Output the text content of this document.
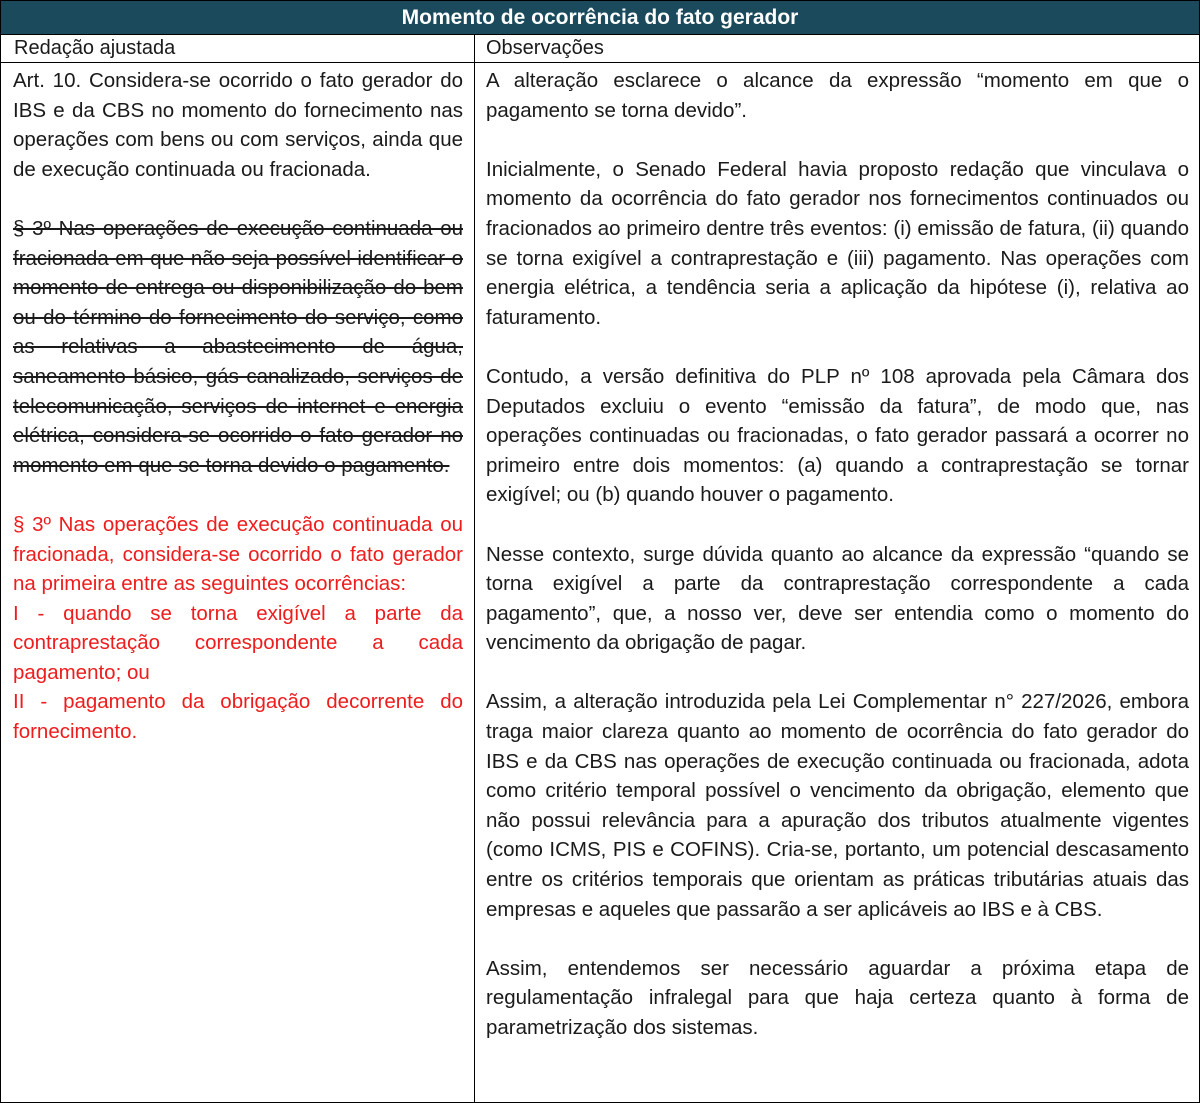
Momento de ocorrência do fato gerador
Redação ajustada	Observações

Art. 10. Considera-se ocorrido o fato gerador do IBS e da CBS no momento do fornecimento nas operações com bens ou com serviços, ainda que de execução continuada ou fracionada.

§ 3º Nas operações de execução continuada ou fracionada em que não seja possível identificar o momento de entrega ou disponibilização do bem ou do término do fornecimento do serviço, como as relativas a abastecimento de água, saneamento básico, gás canalizado, serviços de telecomunicação, serviços de internet e energia elétrica, considera-se ocorrido o fato gerador no momento em que se torna devido o pagamento.

§ 3º Nas operações de execução continuada ou fracionada, considera-se ocorrido o fato gerador na primeira entre as seguintes ocorrências:
I - quando se torna exigível a parte da contraprestação correspondente a cada pagamento; ou
II - pagamento da obrigação decorrente do fornecimento.

A alteração esclarece o alcance da expressão “momento em que o pagamento se torna devido”.

Inicialmente, o Senado Federal havia proposto redação que vinculava o momento da ocorrência do fato gerador nos fornecimentos continuados ou fracionados ao primeiro dentre três eventos: (i) emissão de fatura, (ii) quando se torna exigível a contraprestação e (iii) pagamento. Nas operações com energia elétrica, a tendência seria a aplicação da hipótese (i), relativa ao faturamento.

Contudo, a versão definitiva do PLP nº 108 aprovada pela Câmara dos Deputados excluiu o evento “emissão da fatura”, de modo que, nas operações continuadas ou fracionadas, o fato gerador passará a ocorrer no primeiro entre dois momentos: (a) quando a contraprestação se tornar exigível; ou (b) quando houver o pagamento.

Nesse contexto, surge dúvida quanto ao alcance da expressão “quando se torna exigível a parte da contraprestação correspondente a cada pagamento”, que, a nosso ver, deve ser entendia como o momento do vencimento da obrigação de pagar.

Assim, a alteração introduzida pela Lei Complementar n° 227/2026, embora traga maior clareza quanto ao momento de ocorrência do fato gerador do IBS e da CBS nas operações de execução continuada ou fracionada, adota como critério temporal possível o vencimento da obrigação, elemento que não possui relevância para a apuração dos tributos atualmente vigentes (como ICMS, PIS e COFINS). Cria-se, portanto, um potencial descasamento entre os critérios temporais que orientam as práticas tributárias atuais das empresas e aqueles que passarão a ser aplicáveis ao IBS e à CBS.

Assim, entendemos ser necessário aguardar a próxima etapa de regulamentação infralegal para que haja certeza quanto à forma de parametrização dos sistemas.
